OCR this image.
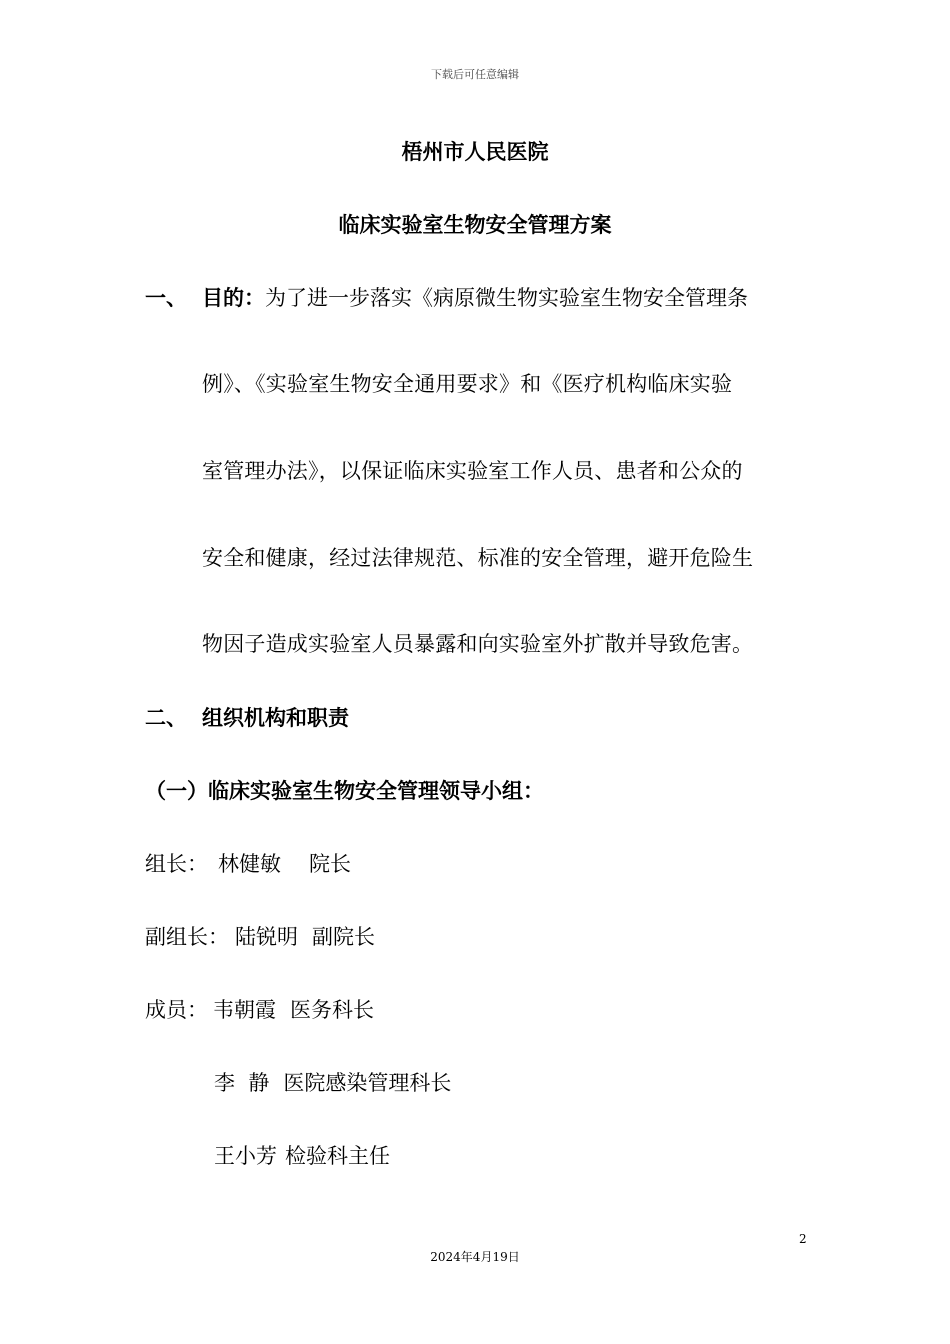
下载后可任意编辑
梧州市人民医院
临床实验室生物安全管理方案
一、 目的：为了进一步落实《病原微生物实验室生物安全管理条
例》、《实验室生物安全通用要求》和《医疗机构临床实验
室管理办法》，以保证临床实验室工作人员、患者和公众的
安全和健康，经过法律规范、标准的安全管理，避开危险生
物因子造成实验室人员暴露和向实验室外扩散并导致危害。
二、 组织机构和职责
（一）临床实验室生物安全管理领导小组：
组长： 林健敏 院长
副组长： 陆锐明 副院长
成员： 韦朝霞 医务科长
李  静 医院感染管理科长
王小芳 检验科主任
2
2024年4月19日
